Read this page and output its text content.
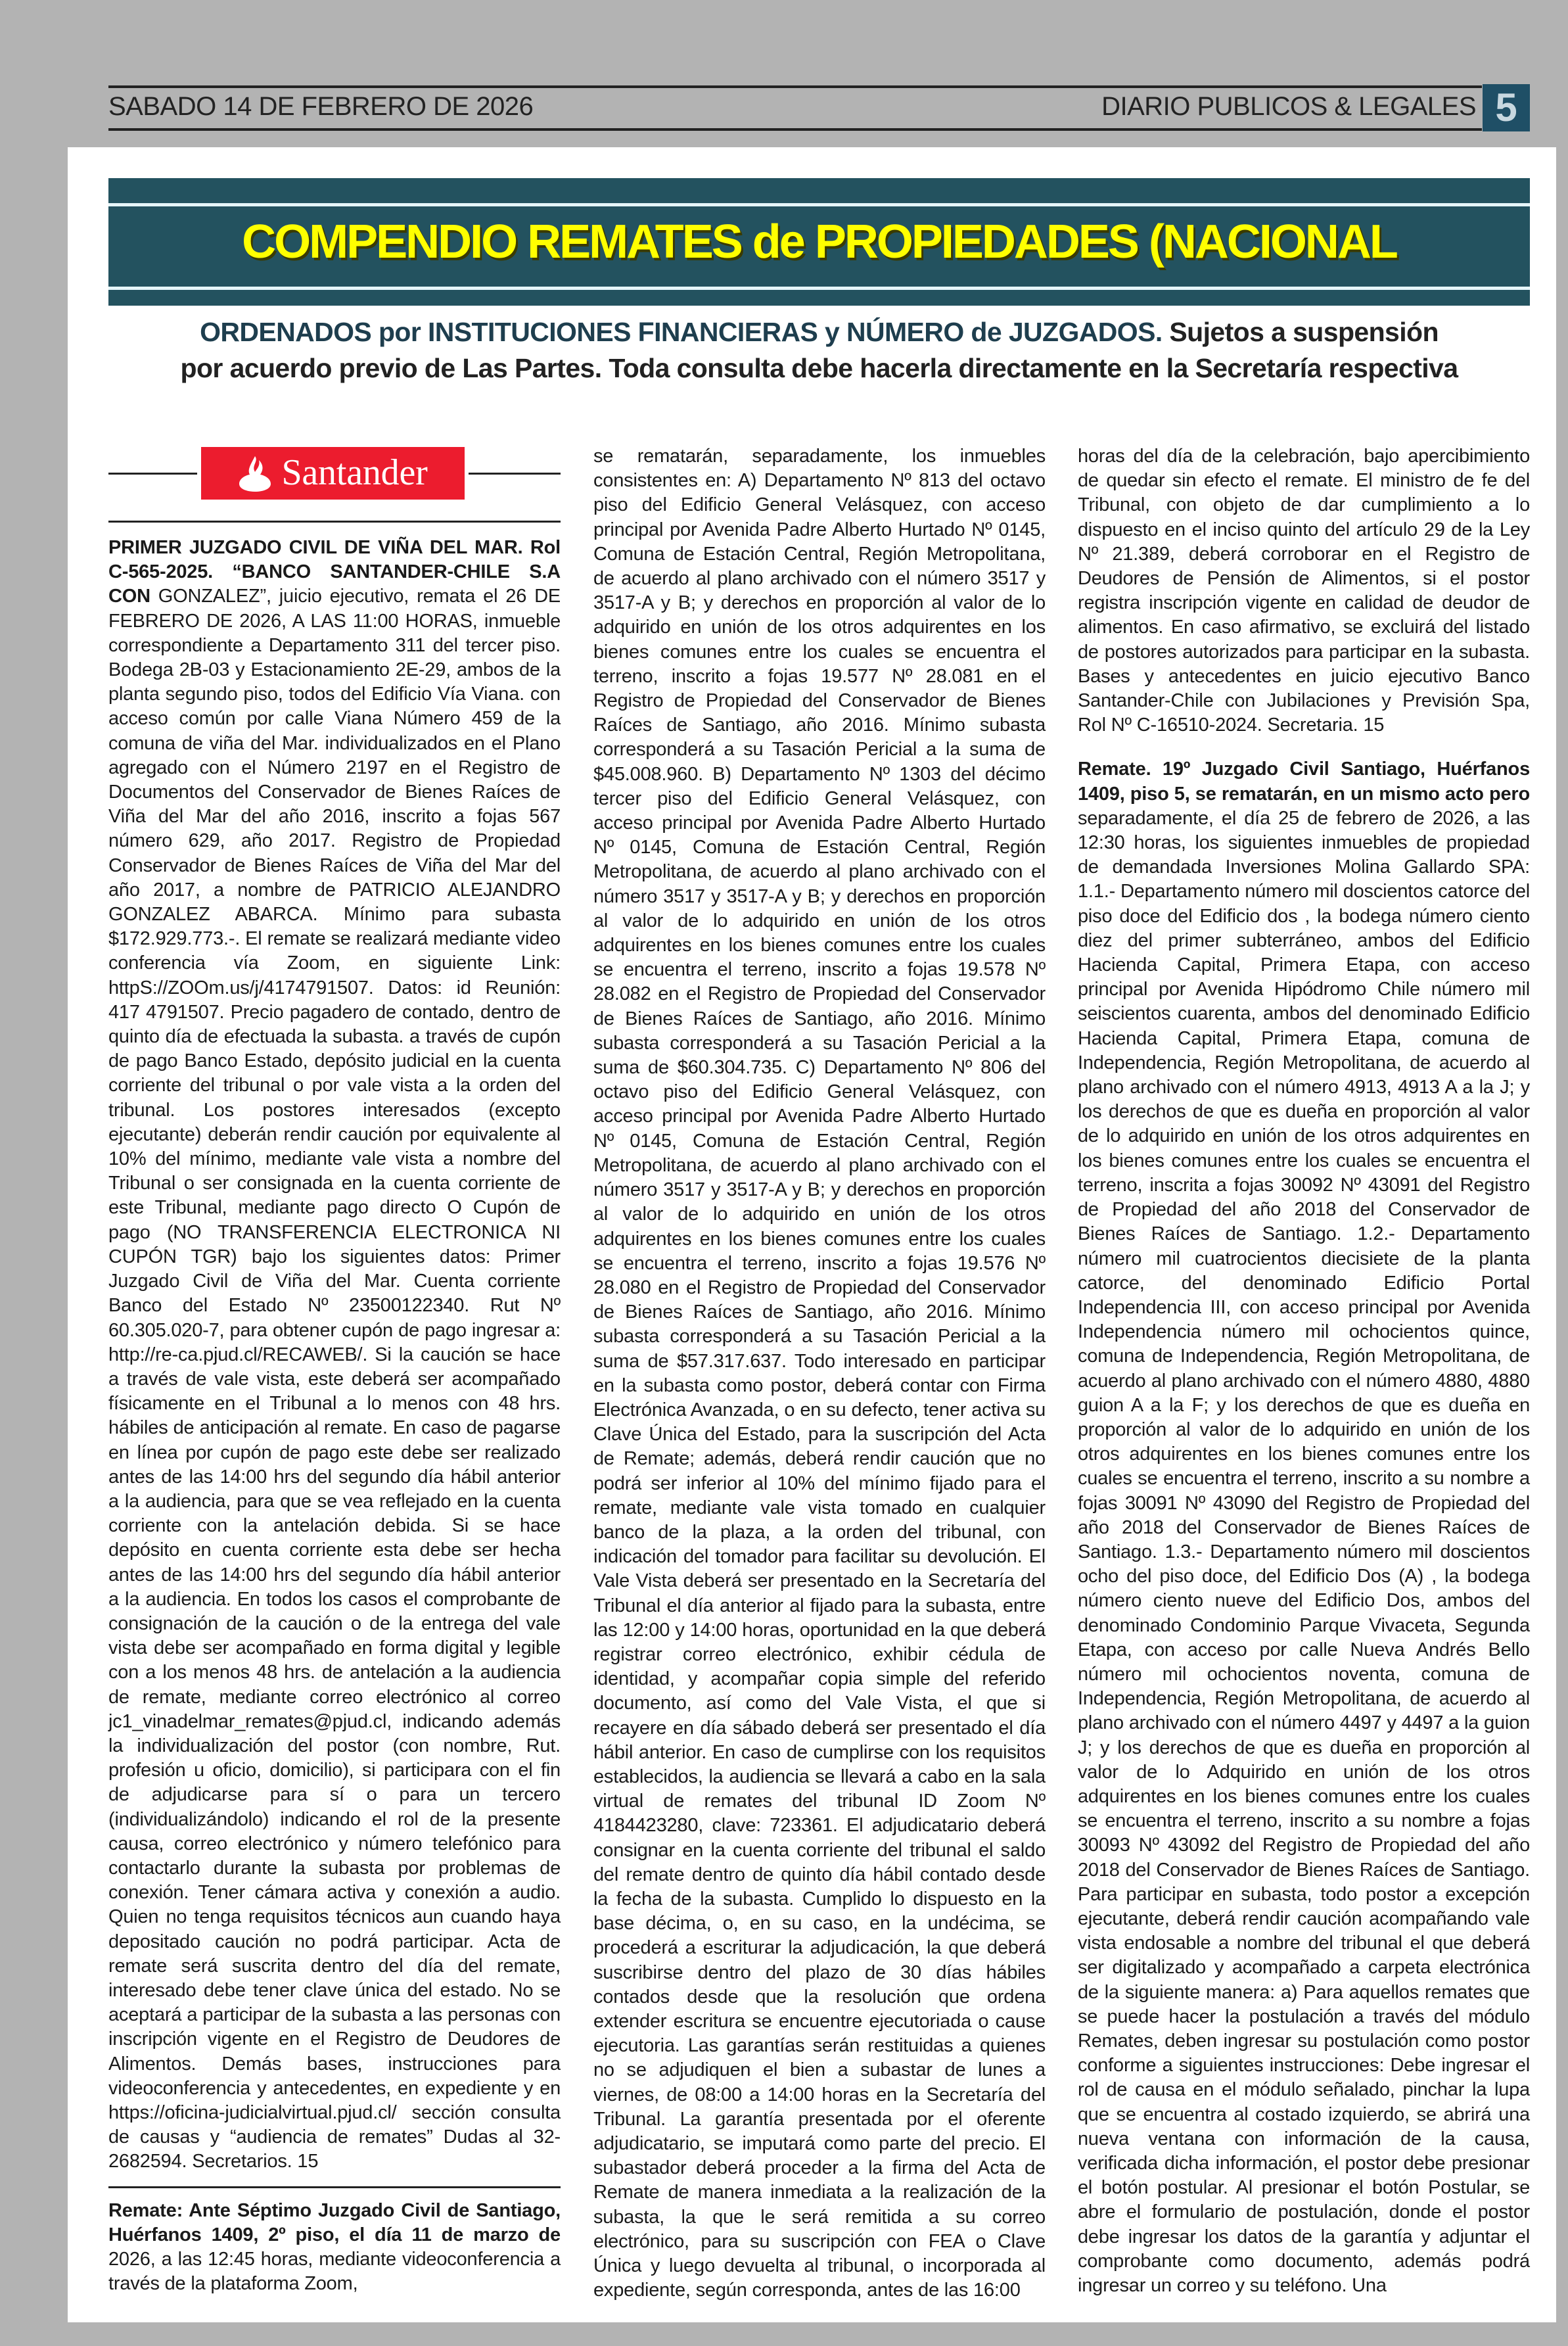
SABADO 14 DE FEBRERO DE 2026	DIARIO PUBLICOS & LEGALES 5
COMPENDIO REMATES de PROPIEDADES (NACIONAL
ORDENADOS por INSTITUCIONES FINANCIERAS y NÚMERO de JUZGADOS. Sujetos a suspensión
por acuerdo previo de Las Partes. Toda consulta debe hacerla directamente en la Secretaría respectiva
Santander

PRIMER JUZGADO CIVIL DE VIÑA DEL MAR. Rol C-565-2025. “BANCO SANTANDER-CHILE S.A CON GONZALEZ”, juicio ejecutivo, remata el 26 DE FEBRERO DE 2026, A LAS 11:00 HORAS, inmueble correspondiente a Departamento 311 del tercer piso. Bodega 2B-03 y Estacionamiento 2E-29, ambos de la planta segundo piso, todos del Edificio Vía Viana. con acceso común por calle Viana Número 459 de la comuna de viña del Mar. individualizados en el Plano agregado con el Número 2197 en el Registro de Documentos del Conservador de Bienes Raíces de Viña del Mar del año 2016, inscrito a fojas 567 número 629, año 2017. Registro de Propiedad Conservador de Bienes Raíces de Viña del Mar del año 2017, a nombre de PATRICIO ALEJANDRO GONZALEZ ABARCA. Mínimo para subasta $172.929.773.-. El remate se realizará mediante video conferencia vía Zoom, en siguiente Link: httpS://ZOOm.us/j/4174791507. Datos: id Reunión: 417 4791507. Precio pagadero de contado, dentro de quinto día de efectuada la subasta. a través de cupón de pago Banco Estado, depósito judicial en la cuenta corriente del tribunal o por vale vista a la orden del tribunal. Los postores interesados (excepto ejecutante) deberán rendir caución por equivalente al 10% del mínimo, mediante vale vista a nombre del Tribunal o ser consignada en la cuenta corriente de este Tribunal, mediante pago directo O Cupón de pago (NO TRANSFERENCIA ELECTRONICA NI CUPÓN TGR) bajo los siguientes datos: Primer Juzgado Civil de Viña del Mar. Cuenta corriente Banco del Estado Nº 23500122340. Rut Nº 60.305.020-7, para obtener cupón de pago ingresar a: http://re-ca.pjud.cl/RECAWEB/. Si la caución se hace a través de vale vista, este deberá ser acompañado físicamente en el Tribunal a lo menos con 48 hrs. hábiles de anticipación al remate. En caso de pagarse en línea por cupón de pago este debe ser realizado antes de las 14:00 hrs del segundo día hábil anterior a la audiencia, para que se vea reflejado en la cuenta corriente con la antelación debida. Si se hace depósito en cuenta corriente esta debe ser hecha antes de las 14:00 hrs del segundo día hábil anterior a la audiencia. En todos los casos el comprobante de consignación de la caución o de la entrega del vale vista debe ser acompañado en forma digital y legible con a los menos 48 hrs. de antelación a la audiencia de remate, mediante correo electrónico al correo jc1_vinadelmar_remates@pjud.cl, indicando además la individualización del postor (con nombre, Rut. profesión u oficio, domicilio), si participara con el fin de adjudicarse para sí o para un tercero (individualizándolo) indicando el rol de la presente causa, correo electrónico y número telefónico para contactarlo durante la subasta por problemas de conexión. Tener cámara activa y conexión a audio. Quien no tenga requisitos técnicos aun cuando haya depositado caución no podrá participar. Acta de remate será suscrita dentro del día del remate, interesado debe tener clave única del estado. No se aceptará a participar de la subasta a las personas con inscripción vigente en el Registro de Deudores de Alimentos. Demás bases, instrucciones para videoconferencia y antecedentes, en expediente y en https://oficina-judicialvirtual.pjud.cl/ sección consulta de causas y “audiencia de remates” Dudas al 32-2682594. Secretarios. 15

Remate: Ante Séptimo Juzgado Civil de Santiago, Huérfanos 1409, 2º piso, el día 11 de marzo de 2026, a las 12:45 horas, mediante videoconferencia a través de la plataforma Zoom,

se rematarán, separadamente, los inmuebles consistentes en: A) Departamento Nº 813 del octavo piso del Edificio General Velásquez, con acceso principal por Avenida Padre Alberto Hurtado Nº 0145, Comuna de Estación Central, Región Metropolitana, de acuerdo al plano archivado con el número 3517 y 3517-A y B; y derechos en proporción al valor de lo adquirido en unión de los otros adquirentes en los bienes comunes entre los cuales se encuentra el terreno, inscrito a fojas 19.577 Nº 28.081 en el Registro de Propiedad del Conservador de Bienes Raíces de Santiago, año 2016. Mínimo subasta corresponderá a su Tasación Pericial a la suma de $45.008.960. B) Departamento Nº 1303 del décimo tercer piso del Edificio General Velásquez, con acceso principal por Avenida Padre Alberto Hurtado Nº 0145, Comuna de Estación Central, Región Metropolitana, de acuerdo al plano archivado con el número 3517 y 3517-A y B; y derechos en proporción al valor de lo adquirido en unión de los otros adquirentes en los bienes comunes entre los cuales se encuentra el terreno, inscrito a fojas 19.578 Nº 28.082 en el Registro de Propiedad del Conservador de Bienes Raíces de Santiago, año 2016. Mínimo subasta corresponderá a su Tasación Pericial a la suma de $60.304.735. C) Departamento Nº 806 del octavo piso del Edificio General Velásquez, con acceso principal por Avenida Padre Alberto Hurtado Nº 0145, Comuna de Estación Central, Región Metropolitana, de acuerdo al plano archivado con el número 3517 y 3517-A y B; y derechos en proporción al valor de lo adquirido en unión de los otros adquirentes en los bienes comunes entre los cuales se encuentra el terreno, inscrito a fojas 19.576 Nº 28.080 en el Registro de Propiedad del Conservador de Bienes Raíces de Santiago, año 2016. Mínimo subasta corresponderá a su Tasación Pericial a la suma de $57.317.637. Todo interesado en participar en la subasta como postor, deberá contar con Firma Electrónica Avanzada, o en su defecto, tener activa su Clave Única del Estado, para la suscripción del Acta de Remate; además, deberá rendir caución que no podrá ser inferior al 10% del mínimo fijado para el remate, mediante vale vista tomado en cualquier banco de la plaza, a la orden del tribunal, con indicación del tomador para facilitar su devolución. El Vale Vista deberá ser presentado en la Secretaría del Tribunal el día anterior al fijado para la subasta, entre las 12:00 y 14:00 horas, oportunidad en la que deberá registrar correo electrónico, exhibir cédula de identidad, y acompañar copia simple del referido documento, así como del Vale Vista, el que si recayere en día sábado deberá ser presentado el día hábil anterior. En caso de cumplirse con los requisitos establecidos, la audiencia se llevará a cabo en la sala virtual de remates del tribunal ID Zoom Nº 4184423280, clave: 723361. El adjudicatario deberá consignar en la cuenta corriente del tribunal el saldo del remate dentro de quinto día hábil contado desde la fecha de la subasta. Cumplido lo dispuesto en la base décima, o, en su caso, en la undécima, se procederá a escriturar la adjudicación, la que deberá suscribirse dentro del plazo de 30 días hábiles contados desde que la resolución que ordena extender escritura se encuentre ejecutoriada o cause ejecutoria. Las garantías serán restituidas a quienes no se adjudiquen el bien a subastar de lunes a viernes, de 08:00 a 14:00 horas en la Secretaría del Tribunal. La garantía presentada por el oferente adjudicatario, se imputará como parte del precio. El subastador deberá proceder a la firma del Acta de Remate de manera inmediata a la realización de la subasta, la que le será remitida a su correo electrónico, para su suscripción con FEA o Clave Única y luego devuelta al tribunal, o incorporada al expediente, según corresponda, antes de las 16:00

horas del día de la celebración, bajo apercibimiento de quedar sin efecto el remate. El ministro de fe del Tribunal, con objeto de dar cumplimiento a lo dispuesto en el inciso quinto del artículo 29 de la Ley Nº 21.389, deberá corroborar en el Registro de Deudores de Pensión de Alimentos, si el postor registra inscripción vigente en calidad de deudor de alimentos. En caso afirmativo, se excluirá del listado de postores autorizados para participar en la subasta. Bases y antecedentes en juicio ejecutivo Banco Santander-Chile con Jubilaciones y Previsión Spa, Rol Nº C-16510-2024. Secretaria. 15

Remate. 19º Juzgado Civil Santiago, Huérfanos 1409, piso 5, se rematarán, en un mismo acto pero separadamente, el día 25 de febrero de 2026, a las 12:30 horas, los siguientes inmuebles de propiedad de demandada Inversiones Molina Gallardo SPA: 1.1.- Departamento número mil doscientos catorce del piso doce del Edificio dos , la bodega número ciento diez del primer subterráneo, ambos del Edificio Hacienda Capital, Primera Etapa, con acceso principal por Avenida Hipódromo Chile número mil seiscientos cuarenta, ambos del denominado Edificio Hacienda Capital, Primera Etapa, comuna de Independencia, Región Metropolitana, de acuerdo al plano archivado con el número 4913, 4913 A a la J; y los derechos de que es dueña en proporción al valor de lo adquirido en unión de los otros adquirentes en los bienes comunes entre los cuales se encuentra el terreno, inscrita a fojas 30092 Nº 43091 del Registro de Propiedad del año 2018 del Conservador de Bienes Raíces de Santiago. 1.2.- Departamento número mil cuatrocientos diecisiete de la planta catorce, del denominado Edificio Portal Independencia III, con acceso principal por Avenida Independencia número mil ochocientos quince, comuna de Independencia, Región Metropolitana, de acuerdo al plano archivado con el número 4880, 4880 guion A a la F; y los derechos de que es dueña en proporción al valor de lo adquirido en unión de los otros adquirentes en los bienes comunes entre los cuales se encuentra el terreno, inscrito a su nombre a fojas 30091 Nº 43090 del Registro de Propiedad del año 2018 del Conservador de Bienes Raíces de Santiago. 1.3.- Departamento número mil doscientos ocho del piso doce, del Edificio Dos (A) , la bodega número ciento nueve del Edificio Dos, ambos del denominado Condominio Parque Vivaceta, Segunda Etapa, con acceso por calle Nueva Andrés Bello número mil ochocientos noventa, comuna de Independencia, Región Metropolitana, de acuerdo al plano archivado con el número 4497 y 4497 a la guion J; y los derechos de que es dueña en proporción al valor de lo Adquirido en unión de los otros adquirentes en los bienes comunes entre los cuales se encuentra el terreno, inscrito a su nombre a fojas 30093 Nº 43092 del Registro de Propiedad del año 2018 del Conservador de Bienes Raíces de Santiago. Para participar en subasta, todo postor a excepción ejecutante, deberá rendir caución acompañando vale vista endosable a nombre del tribunal el que deberá ser digitalizado y acompañado a carpeta electrónica de la siguiente manera: a) Para aquellos remates que se puede hacer la postulación a través del módulo Remates, deben ingresar su postulación como postor conforme a siguientes instrucciones: Debe ingresar el rol de causa en el módulo señalado, pinchar la lupa que se encuentra al costado izquierdo, se abrirá una nueva ventana con información de la causa, verificada dicha información, el postor debe presionar el botón postular. Al presionar el botón Postular, se abre el formulario de postulación, donde el postor debe ingresar los datos de la garantía y adjuntar el comprobante como documento, además podrá ingresar un correo y su teléfono. Una
